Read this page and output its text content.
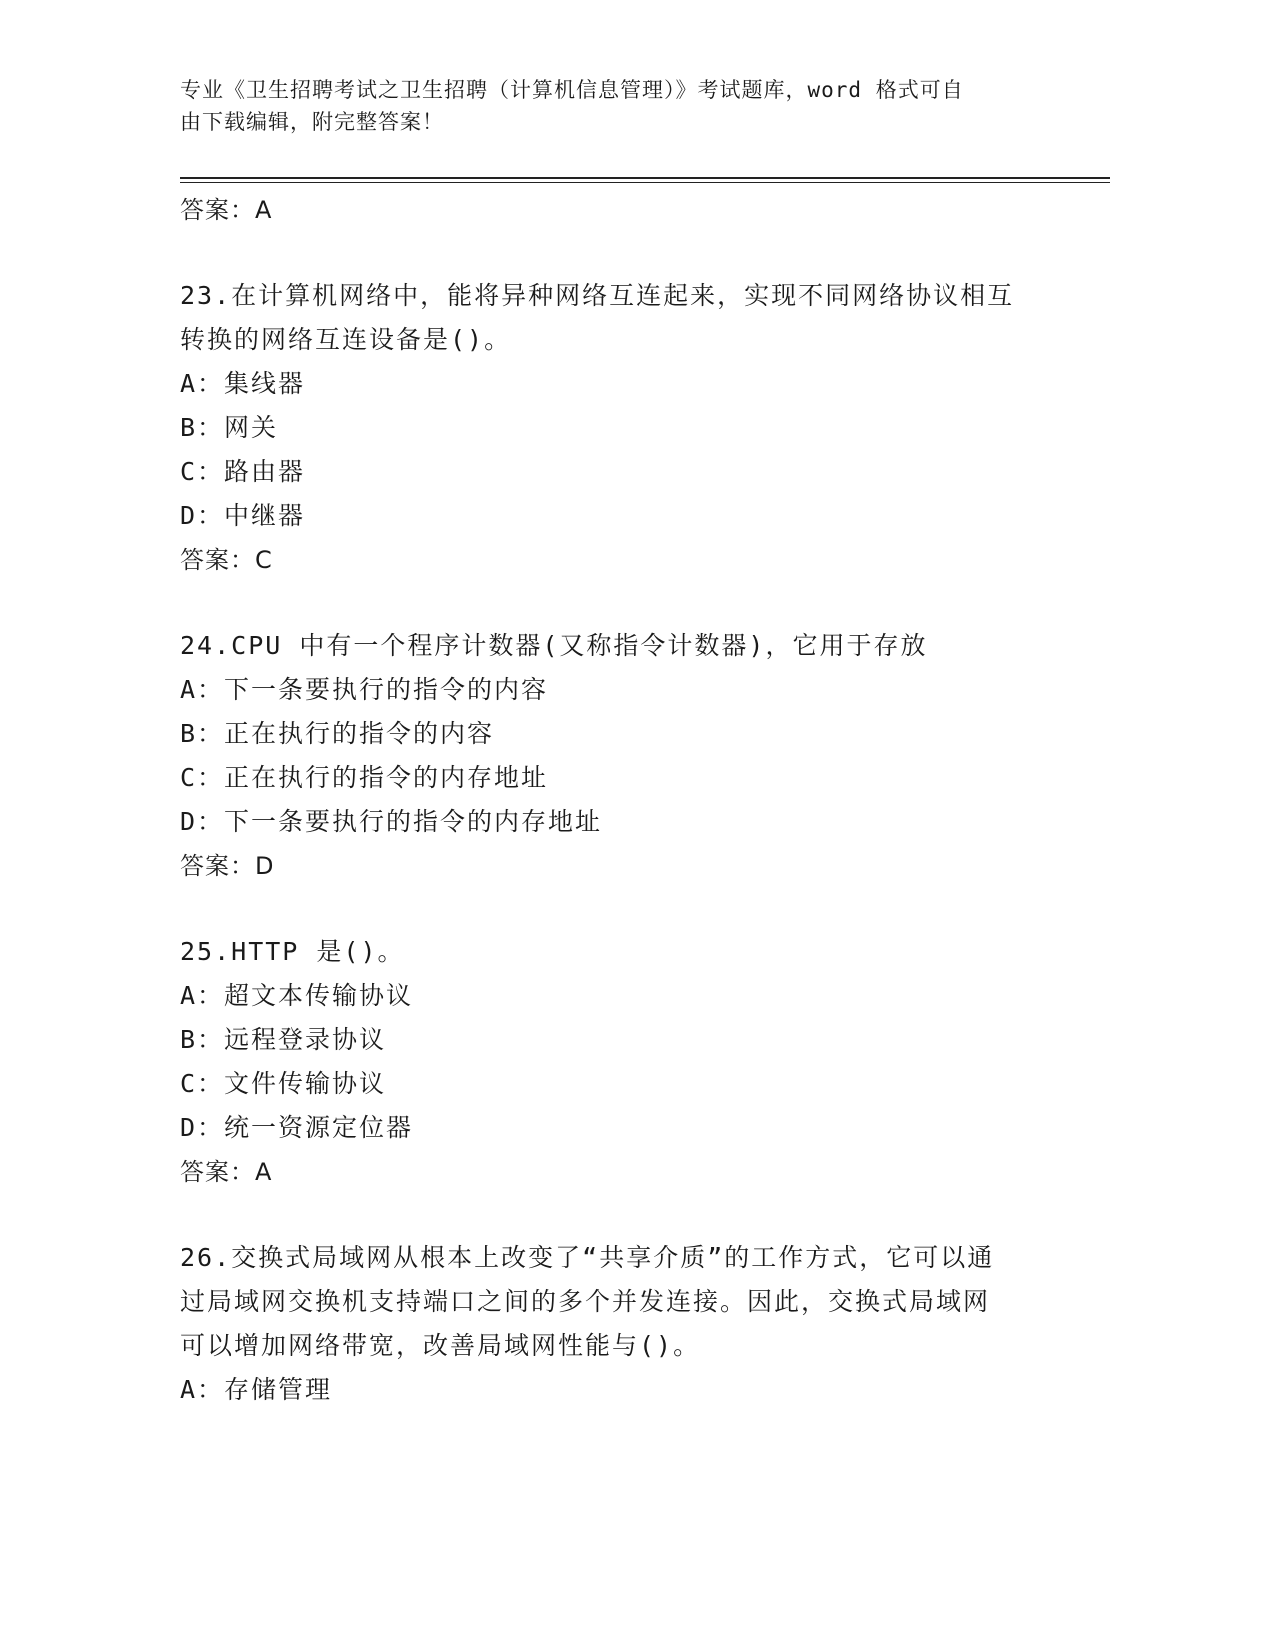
专业《卫生招聘考试之卫生招聘（计算机信息管理）》考试题库，word 格式可自
由下载编辑，附完整答案！
答案：A
23.在计算机网络中，能将异种网络互连起来，实现不同网络协议相互
转换的网络互连设备是()。
A：集线器
B：网关
C：路由器
D：中继器
答案：C
24.CPU 中有一个程序计数器(又称指令计数器)，它用于存放
A：下一条要执行的指令的内容
B：正在执行的指令的内容
C：正在执行的指令的内存地址
D：下一条要执行的指令的内存地址
答案：D
25.HTTP 是()。
A：超文本传输协议
B：远程登录协议
C：文件传输协议
D：统一资源定位器
答案：A
26.交换式局域网从根本上改变了“共享介质”的工作方式，它可以通
过局域网交换机支持端口之间的多个并发连接。因此，交换式局域网
可以增加网络带宽，改善局域网性能与()。
A：存储管理
